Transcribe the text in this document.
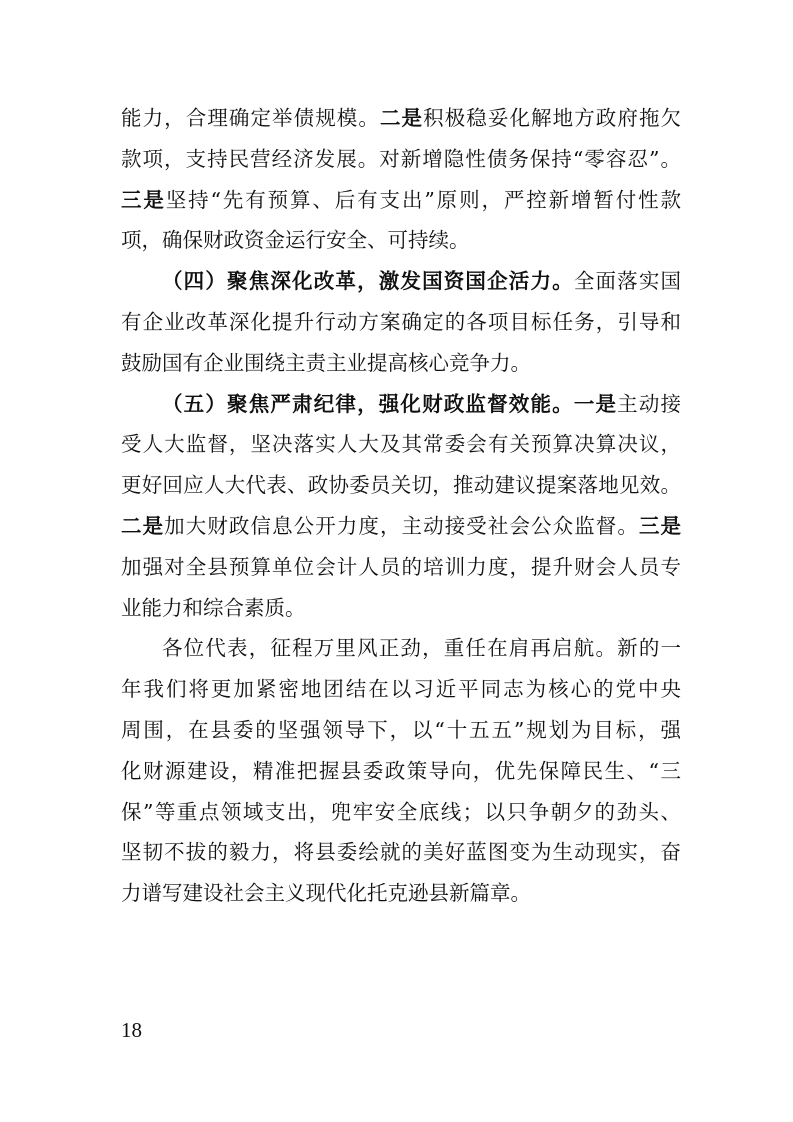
能力，合理确定举债规模。二是积极稳妥化解地方政府拖欠
款项，支持民营经济发展。对新增隐性债务保持“零容忍”。
三是坚持“先有预算、后有支出”原则，严控新增暂付性款
项，确保财政资金运行安全、可持续。
（四）聚焦深化改革，激发国资国企活力。全面落实国
有企业改革深化提升行动方案确定的各项目标任务，引导和
鼓励国有企业围绕主责主业提高核心竞争力。
（五）聚焦严肃纪律，强化财政监督效能。一是主动接
受人大监督，坚决落实人大及其常委会有关预算决算决议，
更好回应人大代表、政协委员关切，推动建议提案落地见效。
二是加大财政信息公开力度，主动接受社会公众监督。三是
加强对全县预算单位会计人员的培训力度，提升财会人员专
业能力和综合素质。
各位代表，征程万里风正劲，重任在肩再启航。新的一
年我们将更加紧密地团结在以习近平同志为核心的党中央
周围，在县委的坚强领导下，以“十五五”规划为目标，强
化财源建设，精准把握县委政策导向，优先保障民生、“三
保”等重点领域支出，兜牢安全底线；以只争朝夕的劲头、
坚韧不拔的毅力，将县委绘就的美好蓝图变为生动现实，奋
力谱写建设社会主义现代化托克逊县新篇章。
18
